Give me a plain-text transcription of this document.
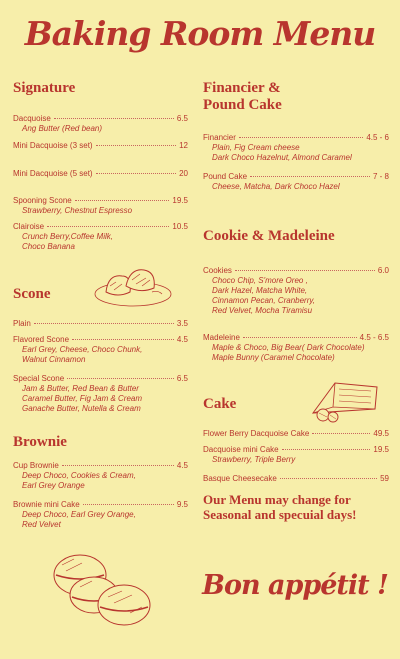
Baking Room Menu
Signature
Dacquoise	6.5
Ang Butter (Red bean)
Mini Dacquoise (3 set)	12
Mini Dacquoise (5 set)	20
Spooning Scone	19.5
Strawberry, Chestnut Espresso
Clairoise	10.5
Crunch Berry,Coffee Milk,
Choco Banana
Scone
Plain	3.5
Flavored Scone	4.5
Earl Grey, Cheese, Choco Chunk,
Walnut Cinnamon
Special Scone	6.5
Jam & Butter, Red Bean & Butter
Caramel Butter, Fig Jam & Cream
Ganache Butter, Nutella & Cream
Brownie
Cup Brownie	4.5
Deep Choco, Cookies & Cream,
Earl Grey Orange
Brownie mini Cake	9.5
Deep Choco, Earl Grey Orange,
Red Velvet
Financier &
Pound Cake
Financier	4.5 - 6
Plain, Fig Cream cheese
Dark Choco Hazelnut, Almond Caramel
Pound Cake	7 - 8
Cheese, Matcha, Dark Choco Hazel
Cookie & Madeleine
Cookies	6.0
Choco Chip, S'more Oreo ,
Dark Hazel, Matcha White,
Cinnamon Pecan, Cranberry,
Red Velvet, Mocha Tiramisu
Madeleine	4.5 - 6.5
Maple & Choco, Big Bear( Dark Chocolate)
Maple Bunny (Caramel Chocolate)
Cake
Flower Berry Dacquoise Cake	49.5
Dacquoise mini Cake	19.5
Strawberry, Triple Berry
Basque Cheesecake	59
Our Menu may change for
Seasonal and specuial days!
Bon appétit !
